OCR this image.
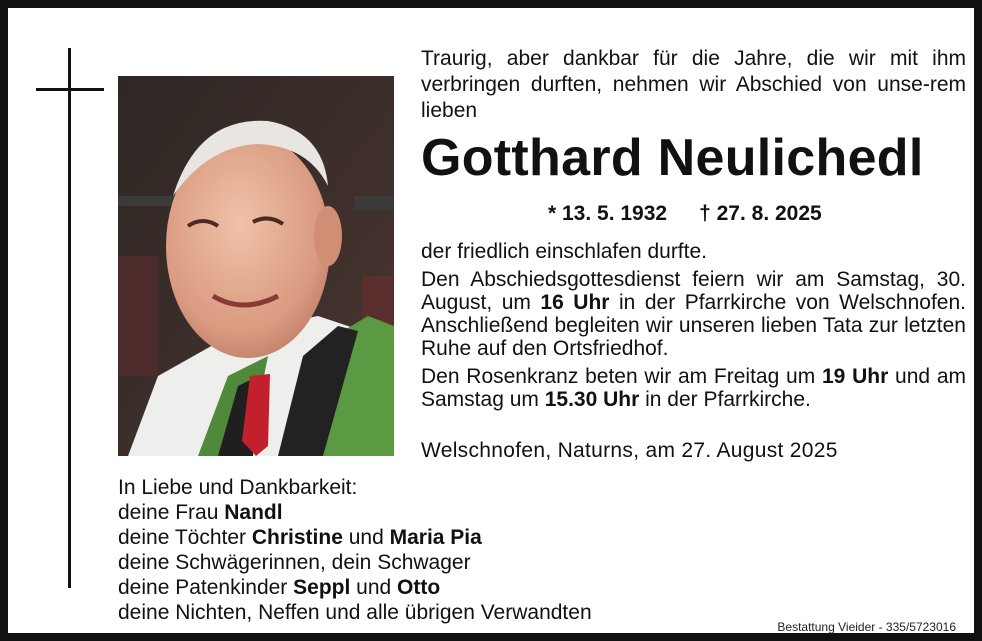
Traurig, aber dankbar für die Jahre, die wir mit ihm verbringen durften, nehmen wir Abschied von unse-rem lieben
Gotthard Neulichedl
* 13. 5. 1932 † 27. 8. 2025

der friedlich einschlafen durfte.

Den Abschiedsgottesdienst feiern wir am Samstag, 30. August, um 16 Uhr in der Pfarrkirche von Welschnofen. Anschließend begleiten wir unseren lieben Tata zur letzten Ruhe auf den Ortsfriedhof.

Den Rosenkranz beten wir am Freitag um 19 Uhr und am Samstag um 15.30 Uhr in der Pfarrkirche.

Welschnofen, Naturns, am 27. August 2025
In Liebe und Dankbarkeit:
deine Frau Nandl
deine Töchter Christine und Maria Pia
deine Schwägerinnen, dein Schwager
deine Patenkinder Seppl und Otto
deine Nichten, Neffen und alle übrigen Verwandten
Bestattung Vieider - 335/5723016
